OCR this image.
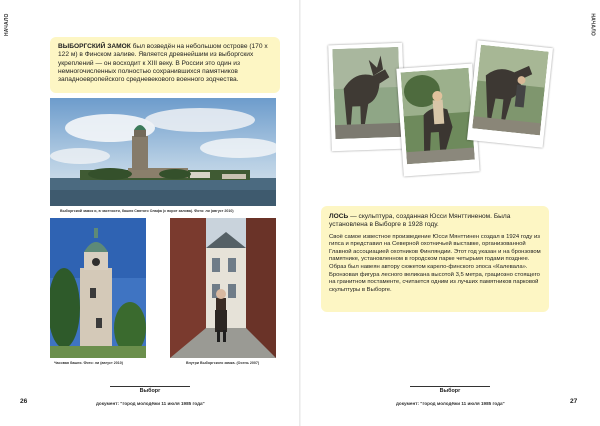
НАЧАЛО

ВЫБОРГСКИЙ ЗАМОК был возведён на небольшом острове (170 х 122 м) в Финском заливе. Является древнейшим из выборгских укреплений — он восходит к XIII веку. В России это один из немногочисленных полностью сохранившихся памятников западноевропейского средневекового военного зодчества.

Выборгский замок и, в частности, башня Святого Олафа (с ворот залива). Фото: ли (август 2010)
Часовая башня. Фото: ли (август 2010)	Внутри Выборгского замка. (Осень 2007)
Выборг
документ: "город молодёжи 11 июля 1985 года"
26
НАЧАЛО

ЛОСЬ — скульптура, созданная Юсси Мянттиненом. Была установлена в Выборге в 1928 году.

Своё самое известное произведение Юсси Мянттинен создал в 1924 году из гипса и представил на Северной охотничьей выставке, организованной Главной ассоциацией охотников Финляндии. Этот год указан и на бронзовом памятнике, установленном в городском парке четырьмя годами позднее. Образ был навеян автору сюжетом карело-финского эпоса «Калевала». Бронзовая фигура лесного великана высотой 3,5 метра, грациозно стоящего на гранитном постаменте, считается одним из лучших памятников парковой скульптуры в Выборге.

Выборг
документ: "город молодёжи 11 июля 1985 года"	27
